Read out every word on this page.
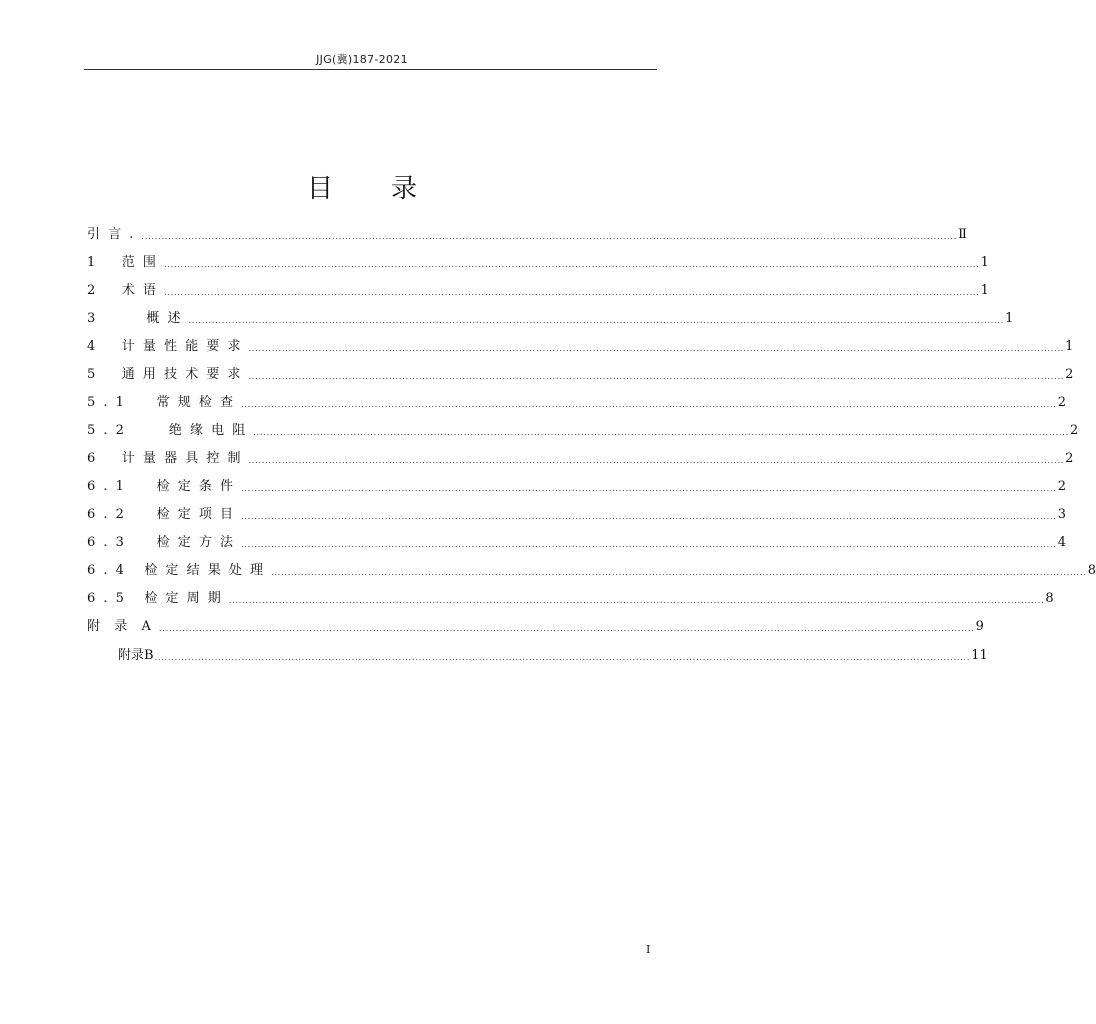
JJG(冀)187-2021
目录
引 言 . .................................................................................................................................................................................................................................................... Ⅱ
1    范 围 .................................................................................................................................................................................................................................................... 1
2    术 语 .................................................................................................................................................................................................................................................... 1
3        概 述 .................................................................................................................................................................................................................................................... 1
4    计 量 性 能 要 求 .................................................................................................................................................................................................................................................... 1
5    通 用 技 术 要 求 .................................................................................................................................................................................................................................................... 2
5 . 1     常 规 检 查 .................................................................................................................................................................................................................................................... 2
5 . 2       绝 缘 电 阻 .................................................................................................................................................................................................................................................... 2
6    计 量 器 具 控 制 .................................................................................................................................................................................................................................................... 2
6 . 1     检 定 条 件 .................................................................................................................................................................................................................................................... 2
6 . 2     检 定 项 目 .................................................................................................................................................................................................................................................... 3
6 . 3     检 定 方 法 .................................................................................................................................................................................................................................................... 4
6 . 4   检 定 结 果 处 理 .................................................................................................................................................................................................................................................... 8
6 . 5   检 定 周 期 .................................................................................................................................................................................................................................................... 8
附  录  A .................................................................................................................................................................................................................................................... 9
附录B .................................................................................................................................................................................................................................................... 11
I
